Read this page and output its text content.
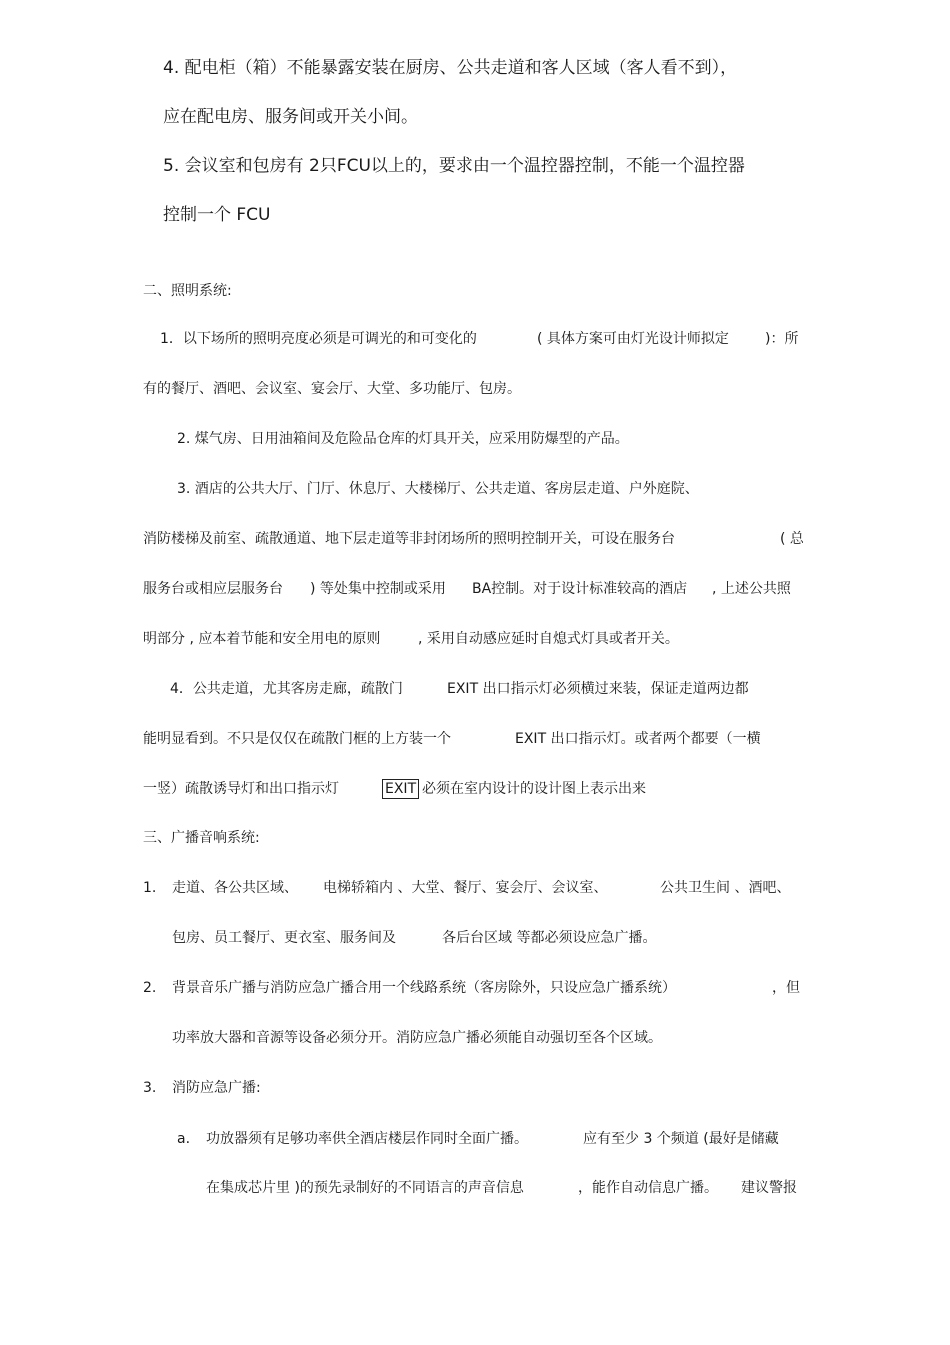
4. 配电柜（箱）不能暴露安装在厨房、公共走道和客人区域（客人看不到），
应在配电房、服务间或开关小间。
5. 会议室和包房有 2只FCU以上的，要求由一个温控器控制，不能一个温控器
控制一个 FCU
二、照明系统:
1．以下场所的照明亮度必须是可调光的和可变化的	( 具体方案可由灯光设计师拟定	)：所
有的餐厅、酒吧、会议室、宴会厅、大堂、多功能厅、包房。
2. 煤气房、日用油箱间及危险品仓库的灯具开关，应采用防爆型的产品。
3. 酒店的公共大厅、门厅、休息厅、大楼梯厅、公共走道、客房层走道、户外庭院、
消防楼梯及前室、疏散通道、地下层走道等非封闭场所的照明控制开关，可设在服务台	( 总
服务台或相应层服务台 ) 等处集中控制或采用 BA控制。对于设计标准较高的酒店 , 上述公共照
明部分 , 应本着节能和安全用电的原则	, 采用自动感应延时自熄式灯具或者开关。
4．公共走道，尤其客房走廊，疏散门	EXIT 出口指示灯必须横过来装，保证走道两边都
能明显看到。不只是仅仅在疏散门框的上方装一个	EXIT 出口指示灯。或者两个都要（一横
一竖）疏散诱导灯和出口指示灯	EXIT 必须在室内设计的设计图上表示出来
三、广播音响系统:
1. 走道、各公共区域、 电梯轿箱内 、大堂、餐厅、宴会厅、会议室、	公共卫生间 、酒吧、
包房、员工餐厅、更衣室、服务间及	各后台区域 等都必须设应急广播。
2. 背景音乐广播与消防应急广播合用一个线路系统（客房除外，只设应急广播系统）	，但
功率放大器和音源等设备必须分开。消防应急广播必须能自动强切至各个区域。
3. 消防应急广播:
a. 功放器须有足够功率供全酒店楼层作同时全面广播。	应有至少 3 个频道 (最好是储藏
在集成芯片里 )的预先录制好的不同语言的声音信息	，能作自动信息广播。 建议警报
